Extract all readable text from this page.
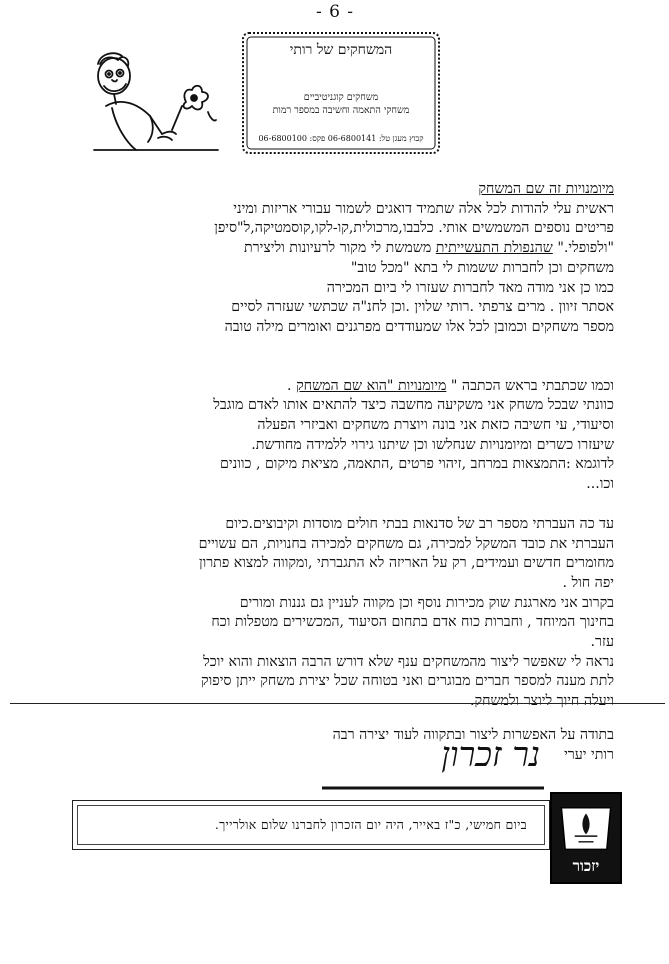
- 6 -
המשחקים של רותי
משחקים קוגניטיביים
משחקי התאמה וחשיבה במספר רמות
קבוץ מעגן טל: 06-6800141 פקס: 06-6800100

מיומנויות זה שם המשחק

ראשית עלי להודות לכל אלה שתמיד דואגים לשמור עבורי אריזות ומיני

פריטים נוספים המשמשים אותי. כלבבו,מרכולית,קו-לקו,קוסמטיקה,ל"סיפן

"ולפופלי." שהנפולת התעשייתית משמשת לי מקור לרעיונות וליצירת

משחקים וכן לחברות ששמות לי בתא "מכל טוב"

כמו כן אני מודה מאד לחברות שעזרו לי ביום המכירה

אסתר זיוון . מרים צרפתי .רותי שלוין .וכן לחנ"ה שכתשי שעזרה לסיים

מספר משחקים וכמובן לכל אלו שמעודדים מפרגנים ואומרים מילה טובה

וכמו שכתבתי בראש הכתבה " מיומנויות "הוא שם המשחק .

כוונתי שבכל משחק אני משקיעה מחשבה כיצד להתאים אותו לאדם מוגבל

וסיעודי, עי חשיבה כזאת אני בונה ויוצרת משחקים ואביזרי הפעלה

שיעזרו כשרים ומיומנויות שנחלשו וכן שיתנו גירוי ללמידה מחודשת.

לדוגמא :התמצאות במרחב ,זיהוי פרטים ,התאמה, מציאת מיקום , כוונים

וכו...

עד כה העברתי מספר רב של סדנאות בבתי חולים מוסדות וקיבוצים.כיום

העברתי את כובד המשקל למכירה, גם משחקים למכירה בחנויות, הם עשויים

מחומרים חדשים ועמידים, רק על האריזה לא התגברתי ,ומקווה למצוא פתרון

יפה חול .

בקרוב אני מארגנת שוק מכירות נוסף וכן מקווה לעניין גם גננות ומורים

בחינוך המיוחד , וחברות כוח אדם בתחום הסיעוד ,המכשירים מטפלות וכח

עזר.

נראה לי שאפשר ליצור מהמשחקים ענף שלא דורש הרבה הוצאות והוא יוכל

לתת מענה למספר חברים מבוגרים ואני בטוחה שכל יצירת משחק ייתן סיפוק

ויעלה חיוך ליוצר ולמשחק.

בתודה על האפשרות ליצור ובתקווה לעוד יצירה רבה

רותי יערי

נר זכרון
ביום חמישי, כ"ז באייר, היה יום הזכרון לחברנו שלום אולרייך.
יזכור
